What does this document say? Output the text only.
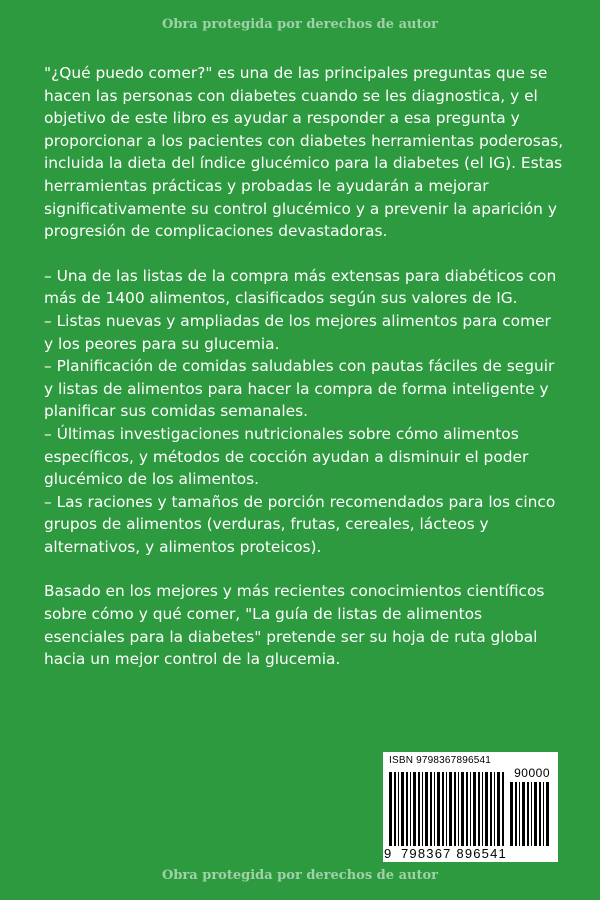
Obra protegida por derechos de autor

"¿Qué puedo comer?" es una de las principales preguntas que se hacen las personas con diabetes cuando se les diagnostica, y el objetivo de este libro es ayudar a responder a esa pregunta y proporcionar a los pacientes con diabetes herramientas poderosas, incluida la dieta del índice glucémico para la diabetes (el IG). Estas herramientas prácticas y probadas le ayudarán a mejorar significativamente su control glucémico y a prevenir la aparición y progresión de complicaciones devastadoras.

– Una de las listas de la compra más extensas para diabéticos con más de 1400 alimentos, clasificados según sus valores de IG.
– Listas nuevas y ampliadas de los mejores alimentos para comer y los peores para su glucemia.
– Planificación de comidas saludables con pautas fáciles de seguir y listas de alimentos para hacer la compra de forma inteligente y planificar sus comidas semanales.
– Últimas investigaciones nutricionales sobre cómo alimentos específicos, y métodos de cocción ayudan a disminuir el poder glucémico de los alimentos.
– Las raciones y tamaños de porción recomendados para los cinco grupos de alimentos (verduras, frutas, cereales, lácteos y alternativos, y alimentos proteicos).

Basado en los mejores y más recientes conocimientos científicos sobre cómo y qué comer, "La guía de listas de alimentos esenciales para la diabetes" pretende ser su hoja de ruta global hacia un mejor control de la glucemia.

ISBN 9798367896541
90000
9 798367 896541
Obra protegida por derechos de autor
